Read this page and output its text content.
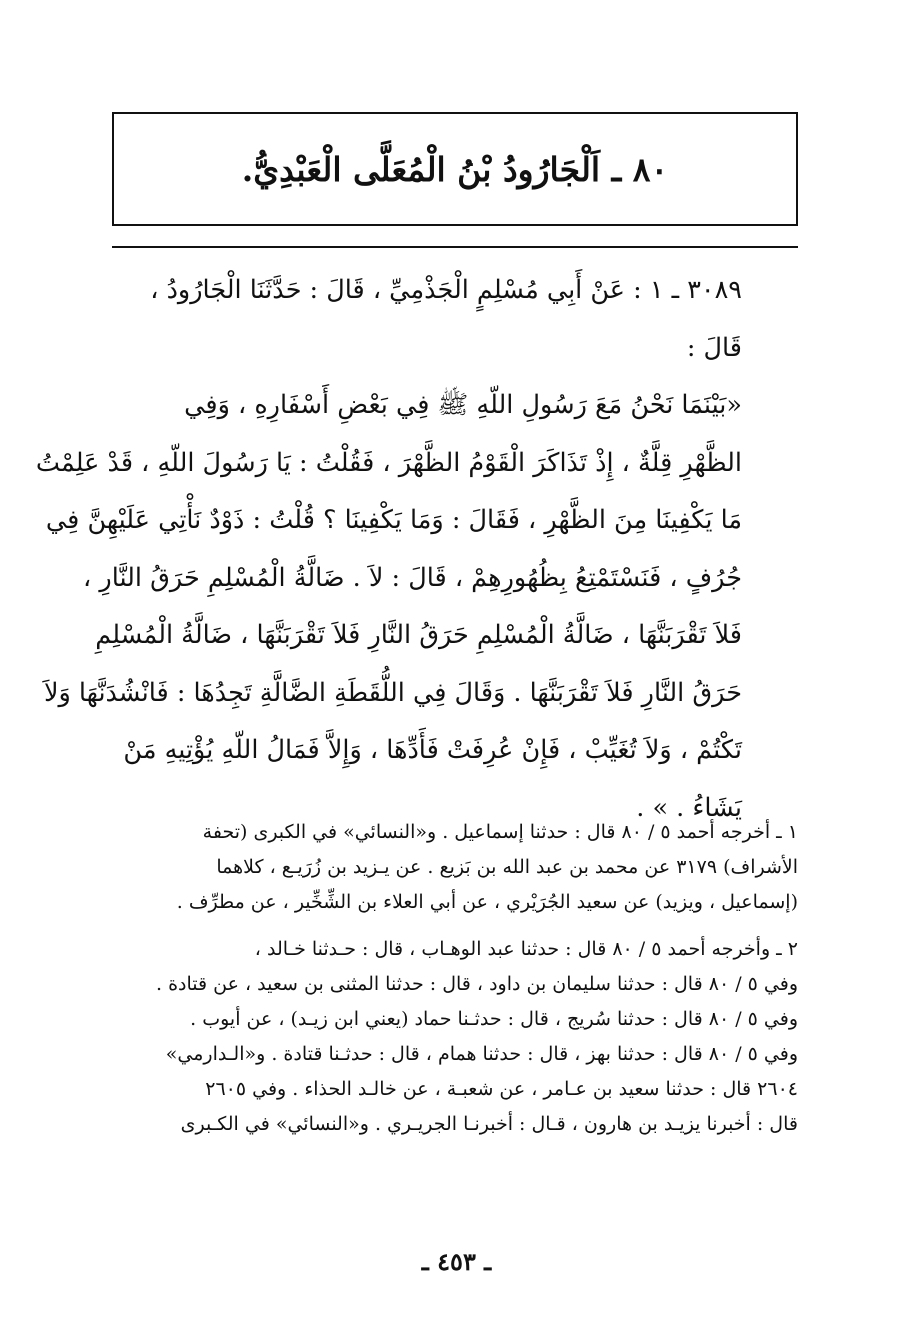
٨٠ ـ اَلْجَارُودُ بْنُ الْمُعَلَّى الْعَبْدِيُّ.
٣٠٨٩ ـ ١ : عَنْ أَبِي مُسْلِمٍ الْجَذْمِيِّ ، قَالَ : حَدَّثَنَا الْجَارُودُ ،
قَالَ :
«بَيْنَمَا نَحْنُ مَعَ رَسُولِ اللّهِ ﷺ فِي بَعْضِ أَسْفَارِهِ ، وَفِي
الظَّهْرِ قِلَّةٌ ، إِذْ تَذَاكَرَ الْقَوْمُ الظَّهْرَ ، فَقُلْتُ : يَا رَسُولَ اللّهِ ، قَدْ عَلِمْتُ
مَا يَكْفِينَا مِنَ الظَّهْرِ ، فَقَالَ : وَمَا يَكْفِينَا ؟ قُلْتُ : ذَوْدٌ نَأْتِي عَلَيْهِنَّ فِي
جُرُفٍ ، فَنَسْتَمْتِعُ بِظُهُورِهِمْ ، قَالَ : لاَ . ضَالَّةُ الْمُسْلِمِ حَرَقُ النَّارِ ،
فَلاَ تَقْرَبَنَّهَا ، ضَالَّةُ الْمُسْلِمِ حَرَقُ النَّارِ فَلاَ تَقْرَبَنَّهَا ، ضَالَّةُ الْمُسْلِمِ
حَرَقُ النَّارِ فَلاَ تَقْرَبَنَّهَا . وَقَالَ فِي اللُّقَطَةِ الضَّالَّةِ تَجِدُهَا : فَانْشُدَنَّهَا وَلاَ
تَكْتُمْ ، وَلاَ تُغَيِّبْ ، فَإِنْ عُرِفَتْ فَأَدِّهَا ، وَإِلاَّ فَمَالُ اللّهِ يُؤْتِيهِ مَنْ
يَشَاءُ . » .
١ ـ أخرجه أحمد ٥ / ٨٠ قال : حدثنا إسماعيل . و«النسائي» في الكبرى (تحفة
الأشراف) ٣١٧٩ عن محمد بن عبد الله بن بَزيع . عن يـزيد بن زُرَيـع ، كلاهما
(إسماعيل ، ويزيد) عن سعيد الجُرَيْري ، عن أبي العلاء بن الشِّخِّير ، عن مطرِّف .
٢ ـ وأخرجه أحمد ٥ / ٨٠ قال : حدثنا عبد الوهـاب ، قال : حـدثنا خـالد ،
وفي ٥ / ٨٠ قال : حدثنا سليمان بن داود ، قال : حدثنا المثنى بن سعيد ، عن قتادة .
وفي ٥ / ٨٠ قال : حدثنا سُريج ، قال : حدثـنا حماد (يعني ابن زيـد) ، عن أيوب .
وفي ٥ / ٨٠ قال : حدثنا بهز ، قال : حدثنا همام ، قال : حدثـنا قتادة . و«الـدارمي»
٢٦٠٤ قال : حدثنا سعيد بن عـامر ، عن شعبـة ، عن خالـد الحذاء . وفي ٢٦٠٥
قال : أخبرنا يزيـد بن هارون ، قـال : أخبرنـا الجريـري . و«النسائي» في الكـبرى
ـ ٤٥٣ ـ
